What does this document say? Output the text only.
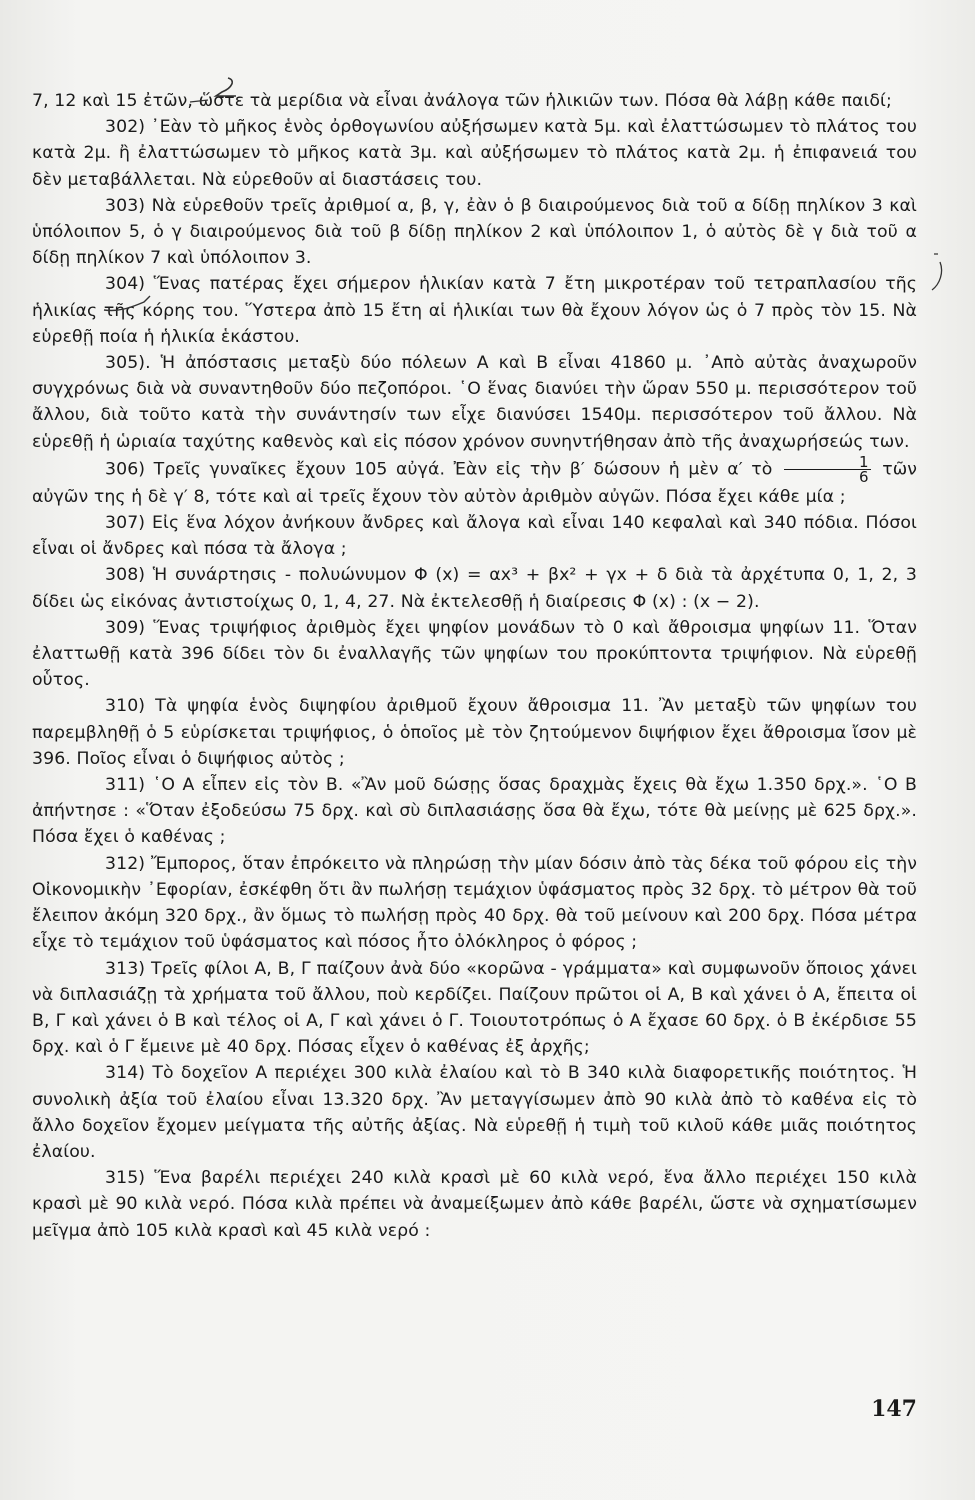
7, 12 καὶ 15 ἐτῶν, ὥστε τὰ μερίδια νὰ εἶναι ἀνάλογα τῶν ἡλικιῶν των. Πόσα θὰ λάβῃ κάθε παιδί;

302) ᾿Εὰν τὸ μῆκος ἑνὸς ὀρθογωνίου αὐξήσωμεν κατὰ 5μ. καὶ ἐλαττώσωμεν τὸ πλάτος του κατὰ 2μ. ἢ ἐλαττώσωμεν τὸ μῆκος κατὰ 3μ. καὶ αὐξήσωμεν τὸ πλάτος κατὰ 2μ. ἡ ἐπιφανειά του δὲν μεταβάλλεται. Νὰ εὑρεθοῦν αἱ διαστάσεις του.

303) Νὰ εὑρεθοῦν τρεῖς ἀριθμοί α, β, γ, ἐὰν ὁ β διαιρούμενος διὰ τοῦ α δίδῃ πηλίκον 3 καὶ ὑπόλοιπον 5, ὁ γ διαιρούμενος διὰ τοῦ β δίδῃ πηλίκον 2 καὶ ὑπόλοιπον 1, ὁ αὐτὸς δὲ γ διὰ τοῦ α δίδῃ πηλίκον 7 καὶ ὑπόλοιπον 3.

304) Ἕνας πατέρας ἔχει σήμερον ἡλικίαν κατὰ 7 ἔτη μικροτέραν τοῦ τετραπλασίου τῆς ἡλικίας τῆς κόρης του. Ὕστερα ἀπὸ 15 ἔτη αἱ ἡλικίαι των θὰ ἔχουν λόγον ὡς ὁ 7 πρὸς τὸν 15. Νὰ εὑρεθῇ ποία ἡ ἡλικία ἑκάστου.

305). Ἡ ἀπόστασις μεταξὺ δύο πόλεων Α καὶ Β εἶναι 41860 μ. ᾿Απὸ αὐτὰς ἀναχωροῦν συγχρόνως διὰ νὰ συναντηθοῦν δύο πεζοπόροι. ῾Ο ἕνας διανύει τὴν ὥραν 550 μ. περισσότερον τοῦ ἄλλου, διὰ τοῦτο κατὰ τὴν συνάντησίν των εἶχε διανύσει 1540μ. περισσότερον τοῦ ἄλλου. Νὰ εὑρεθῇ ἡ ὡριαία ταχύτης καθενὸς καὶ εἰς πόσον χρόνον συνηντήθησαν ἀπὸ τῆς ἀναχωρήσεώς των.

306) Τρεῖς γυναῖκες ἔχουν 105 αὐγά. Ἐὰν εἰς τὴν β′ δώσουν ἡ μὲν α′ τὸ $\frac{1}{6}$ τῶν αὐγῶν της ἡ δὲ γ′ 8, τότε καὶ αἱ τρεῖς ἔχουν τὸν αὐτὸν ἀριθμὸν αὐγῶν. Πόσα ἔχει κάθε μία ;

307) Εἰς ἕνα λόχον ἀνήκουν ἄνδρες καὶ ἄλογα καὶ εἶναι 140 κεφαλαὶ καὶ 340 πόδια. Πόσοι εἶναι οἱ ἄνδρες καὶ πόσα τὰ ἄλογα ;

308) Ἡ συνάρτησις - πολυώνυμον Φ (x) = αx³ + βx² + γx + δ διὰ τὰ ἀρχέτυπα 0, 1, 2, 3 δίδει ὡς εἰκόνας ἀντιστοίχως 0, 1, 4, 27. Νὰ ἐκτελεσθῇ ἡ διαίρεσις Φ (x) : (x − 2).

309) Ἕνας τριψήφιος ἀριθμὸς ἔχει ψηφίον μονάδων τὸ 0 καὶ ἄθροισμα ψηφίων 11. Ὅταν ἐλαττωθῇ κατὰ 396 δίδει τὸν δι ἐναλλαγῆς τῶν ψηφίων του προκύπτοντα τριψήφιον. Νὰ εὑρεθῇ οὗτος.

310) Τὰ ψηφία ἑνὸς διψηφίου ἀριθμοῦ ἔχουν ἄθροισμα 11. Ἂν μεταξὺ τῶν ψηφίων του παρεμβληθῇ ὁ 5 εὑρίσκεται τριψήφιος, ὁ ὁποῖος μὲ τὸν ζητούμενον διψήφιον ἔχει ἄθροισμα ἴσον μὲ 396. Ποῖος εἶναι ὁ διψήφιος αὐτὸς ;

311) ῾Ο Α εἶπεν εἰς τὸν Β. «Ἂν μοῦ δώσῃς ὅσας δραχμὰς ἔχεις θὰ ἔχω 1.350 δρχ.». ῾Ο Β ἀπήντησε : «Ὅταν ἐξοδεύσω 75 δρχ. καὶ σὺ διπλασιάσῃς ὅσα θὰ ἔχω, τότε θὰ μείνῃς μὲ 625 δρχ.». Πόσα ἔχει ὁ καθένας ;

312) Ἔμπορος, ὅταν ἐπρόκειτο νὰ πληρώσῃ τὴν μίαν δόσιν ἀπὸ τὰς δέκα τοῦ φόρου εἰς τὴν Οἰκονομικὴν ᾿Εφορίαν, ἐσκέφθη ὅτι ἂν πωλήσῃ τεμάχιον ὑφάσματος πρὸς 32 δρχ. τὸ μέτρον θὰ τοῦ ἔλειπον ἀκόμη 320 δρχ., ἂν ὅμως τὸ πωλήσῃ πρὸς 40 δρχ. θὰ τοῦ μείνουν καὶ 200 δρχ. Πόσα μέτρα εἶχε τὸ τεμάχιον τοῦ ὑφάσματος καὶ πόσος ἦτο ὁλόκληρος ὁ φόρος ;

313) Τρεῖς φίλοι Α, Β, Γ παίζουν ἀνὰ δύο «κορῶνα - γράμματα» καὶ συμφωνοῦν ὅποιος χάνει νὰ διπλασιάζῃ τὰ χρήματα τοῦ ἄλλου, ποὺ κερδίζει. Παίζουν πρῶτοι οἱ Α, Β καὶ χάνει ὁ Α, ἔπειτα οἱ Β, Γ καὶ χάνει ὁ Β καὶ τέλος οἱ Α, Γ καὶ χάνει ὁ Γ. Τοιουτοτρόπως ὁ Α ἔχασε 60 δρχ. ὁ Β ἐκέρδισε 55 δρχ. καὶ ὁ Γ ἔμεινε μὲ 40 δρχ. Πόσας εἶχεν ὁ καθένας ἐξ ἀρχῆς;

314) Τὸ δοχεῖον Α περιέχει 300 κιλὰ ἐλαίου καὶ τὸ Β 340 κιλὰ διαφορετικῆς ποιότητος. Ἡ συνολικὴ ἀξία τοῦ ἐλαίου εἶναι 13.320 δρχ. Ἂν μεταγγίσωμεν ἀπὸ 90 κιλὰ ἀπὸ τὸ καθένα εἰς τὸ ἄλλο δοχεῖον ἔχομεν μείγματα τῆς αὐτῆς ἀξίας. Νὰ εὑρεθῇ ἡ τιμὴ τοῦ κιλοῦ κάθε μιᾶς ποιότητος ἐλαίου.

315) Ἕνα βαρέλι περιέχει 240 κιλὰ κρασὶ μὲ 60 κιλὰ νερό, ἕνα ἄλλο περιέχει 150 κιλὰ κρασὶ μὲ 90 κιλὰ νερό. Πόσα κιλὰ πρέπει νὰ ἀναμείξωμεν ἀπὸ κάθε βαρέλι, ὥστε νὰ σχηματίσωμεν μεῖγμα ἀπὸ 105 κιλὰ κρασὶ καὶ 45 κιλὰ νερό :

147
